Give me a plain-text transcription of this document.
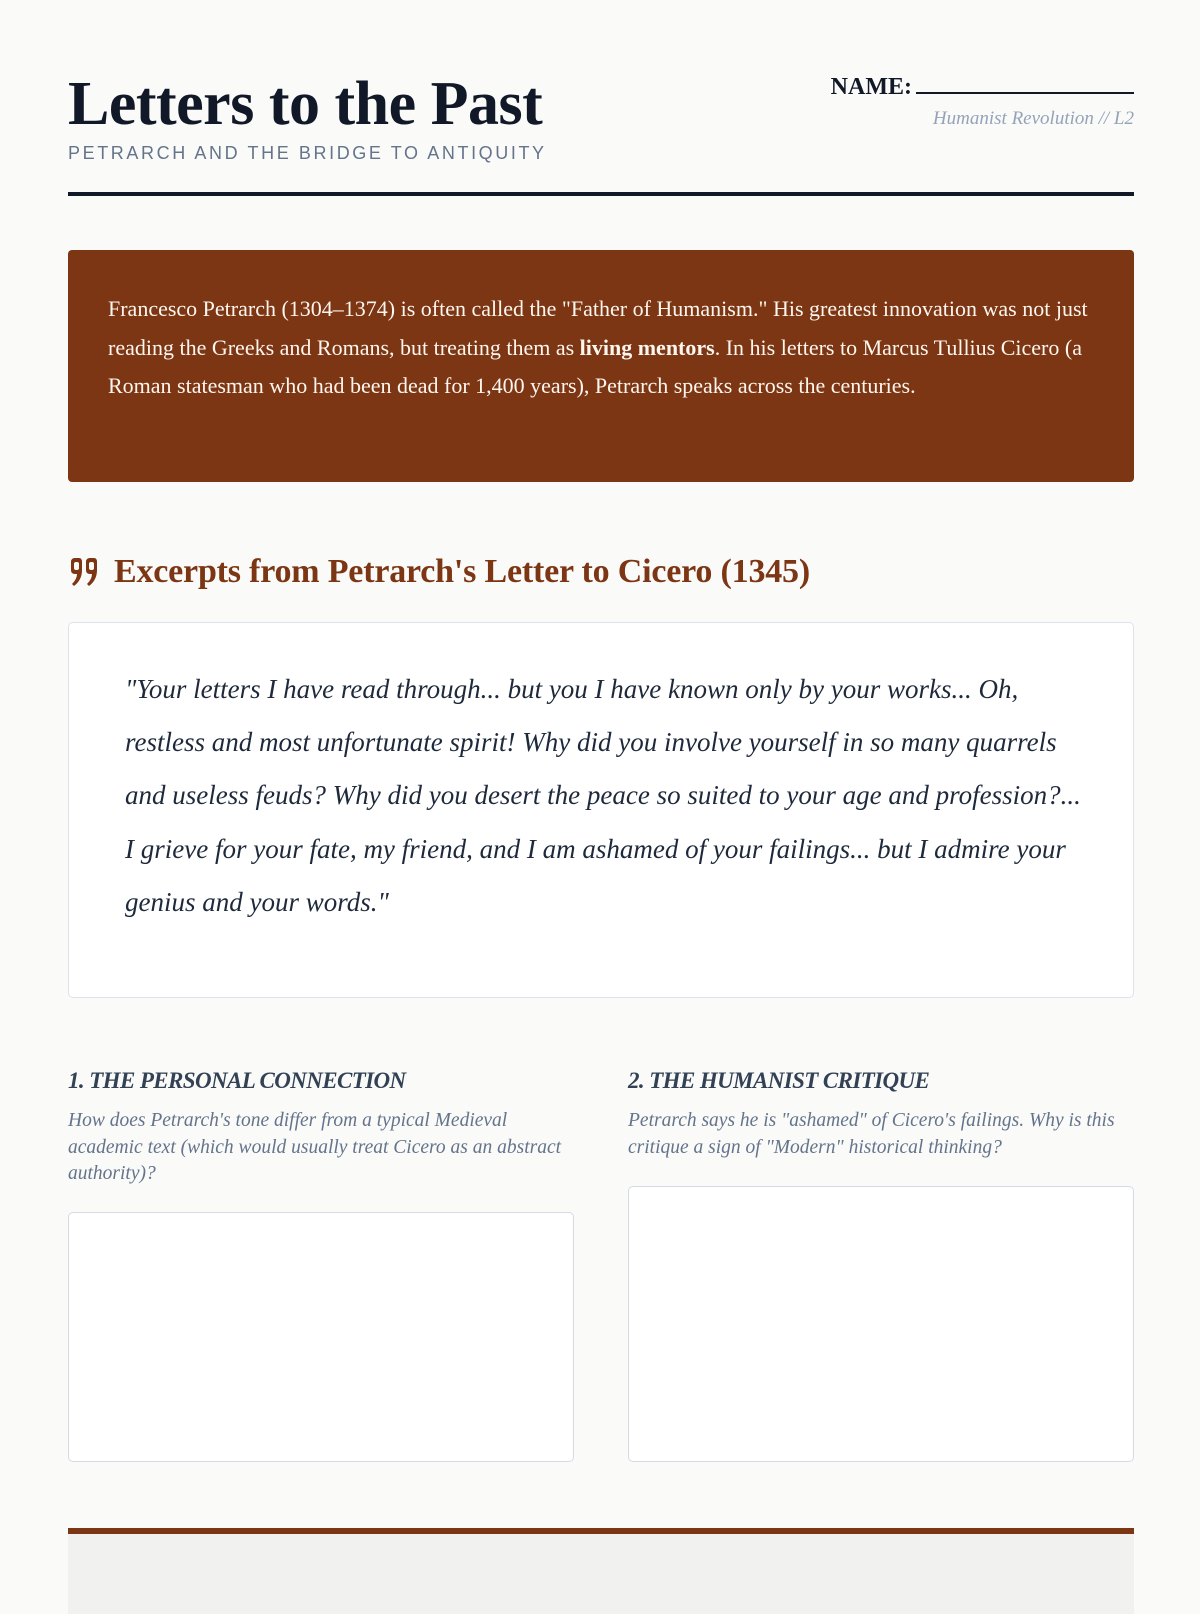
Letters to the Past
PETRARCH AND THE BRIDGE TO ANTIQUITY
NAME:
Humanist Revolution // L2
Francesco Petrarch (1304–1374) is often called the "Father of Humanism." His greatest innovation was not just reading the Greeks and Romans, but treating them as living mentors. In his letters to Marcus Tullius Cicero (a Roman statesman who had been dead for 1,400 years), Petrarch speaks across the centuries.
Excerpts from Petrarch's Letter to Cicero (1345)
"Your letters I have read through... but you I have known only by your works... Oh, restless and most unfortunate spirit! Why did you involve yourself in so many quarrels and useless feuds? Why did you desert the peace so suited to your age and profession?... I grieve for your fate, my friend, and I am ashamed of your failings... but I admire your genius and your words."
1. THE PERSONAL CONNECTION
How does Petrarch's tone differ from a typical Medieval academic text (which would usually treat Cicero as an abstract authority)?
2. THE HUMANIST CRITIQUE
Petrarch says he is "ashamed" of Cicero's failings. Why is this critique a sign of "Modern" historical thinking?
